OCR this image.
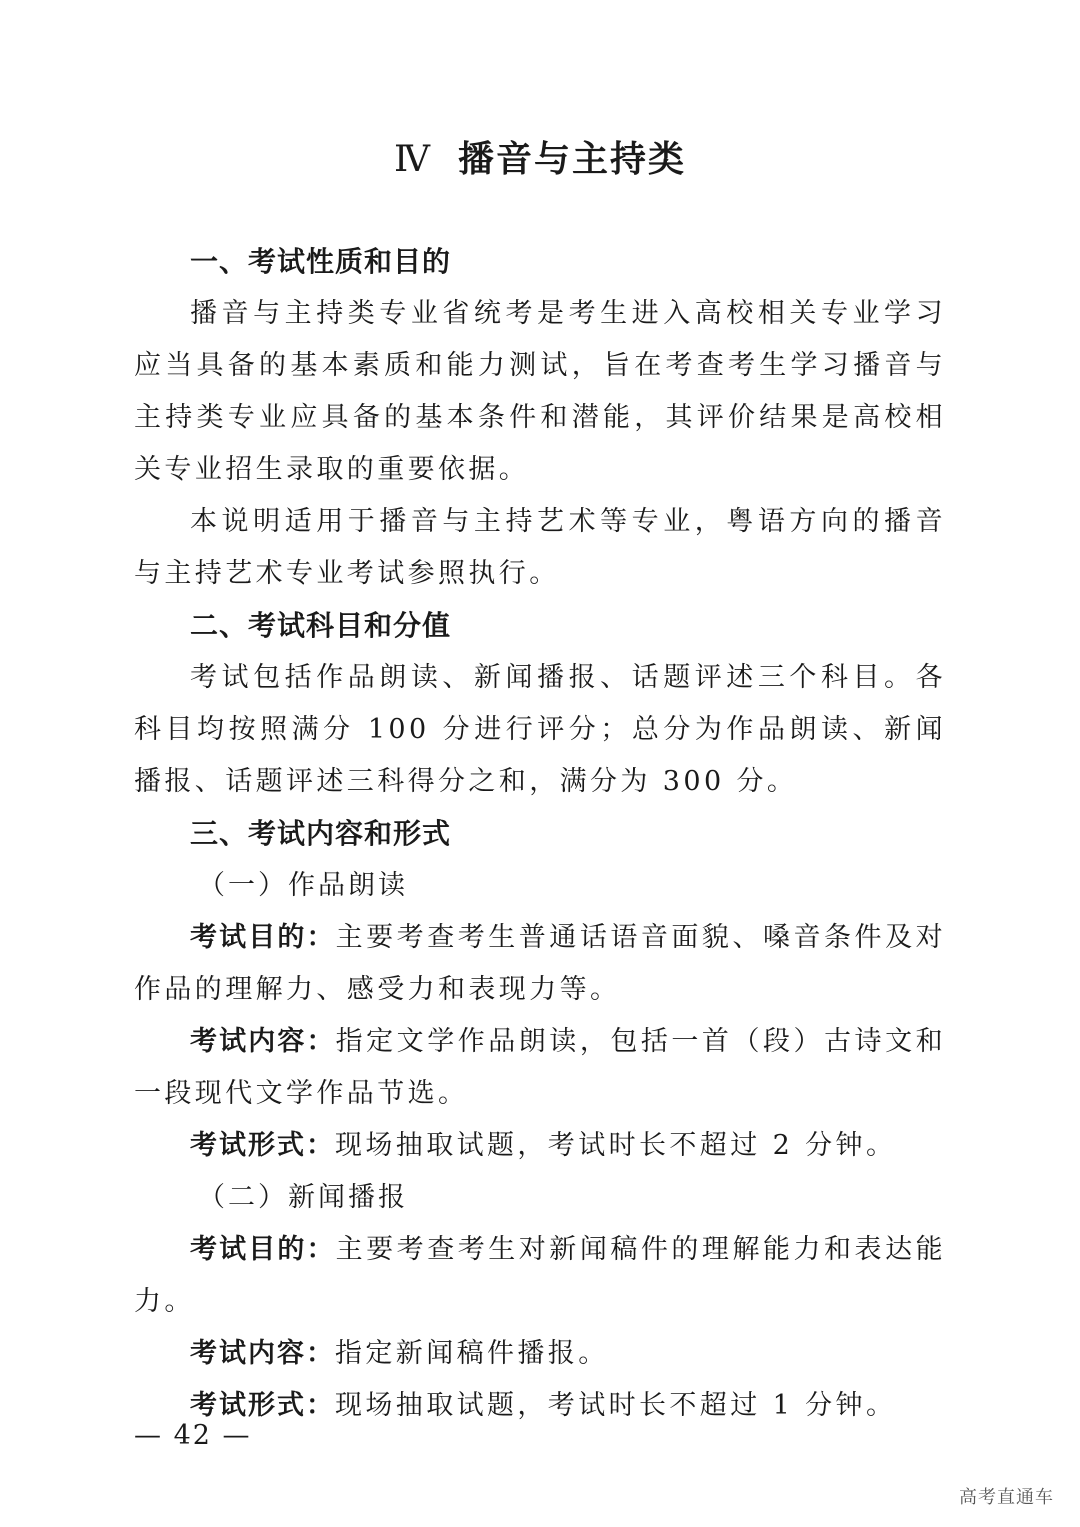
Ⅳ 播音与主持类

一、考试性质和目的

播音与主持类专业省统考是考生进入高校相关专业学习应当具备的基本素质和能力测试，旨在考查考生学习播音与主持类专业应具备的基本条件和潜能，其评价结果是高校相关专业招生录取的重要依据。

本说明适用于播音与主持艺术等专业，粤语方向的播音与主持艺术专业考试参照执行。

二、考试科目和分值

考试包括作品朗读、新闻播报、话题评述三个科目。各科目均按照满分 100 分进行评分；总分为作品朗读、新闻播报、话题评述三科得分之和，满分为 300 分。

三、考试内容和形式

（一）作品朗读

考试目的：主要考查考生普通话语音面貌、嗓音条件及对作品的理解力、感受力和表现力等。

考试内容：指定文学作品朗读，包括一首（段）古诗文和一段现代文学作品节选。

考试形式：现场抽取试题，考试时长不超过 2 分钟。

（二）新闻播报

考试目的：主要考查考生对新闻稿件的理解能力和表达能力。

考试内容：指定新闻稿件播报。

考试形式：现场抽取试题，考试时长不超过 1 分钟。

— 42 —
高考直通车
